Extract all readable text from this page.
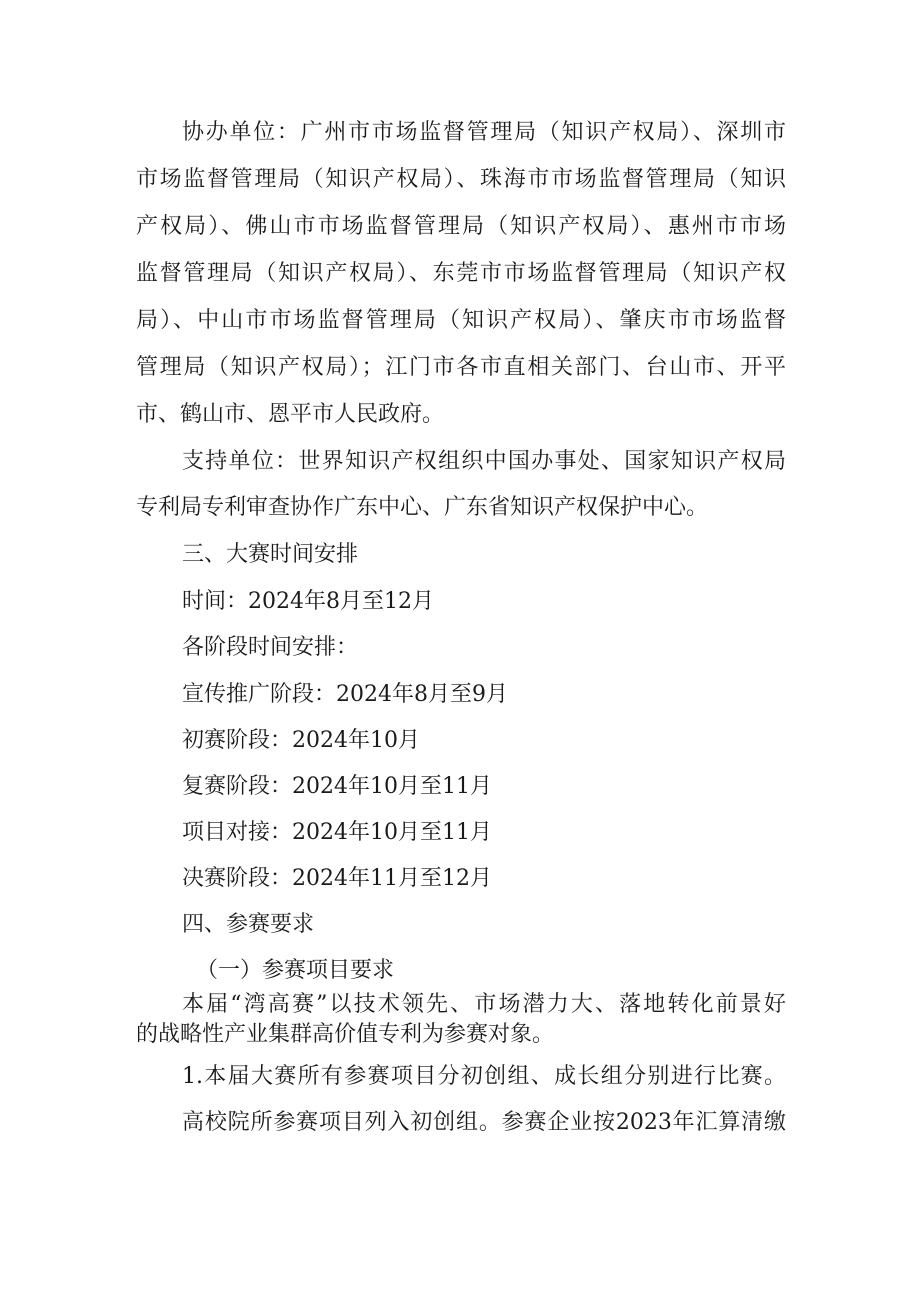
协办单位：广州市市场监督管理局（知识产权局）、深圳市
市场监督管理局（知识产权局）、珠海市市场监督管理局（知识
产权局）、佛山市市场监督管理局（知识产权局）、惠州市市场
监督管理局（知识产权局）、东莞市市场监督管理局（知识产权
局）、中山市市场监督管理局（知识产权局）、肇庆市市场监督
管理局（知识产权局）；江门市各市直相关部门、台山市、开平
市、鹤山市、恩平市人民政府。
支持单位：世界知识产权组织中国办事处、国家知识产权局
专利局专利审查协作广东中心、广东省知识产权保护中心。
三、大赛时间安排
时间：2024年8月至12月
各阶段时间安排：
宣传推广阶段：2024年8月至9月
初赛阶段：2024年10月
复赛阶段：2024年10月至11月
项目对接：2024年10月至11月
决赛阶段：2024年11月至12月
四、参赛要求
（一）参赛项目要求
本届“湾高赛”以技术领先、市场潜力大、落地转化前景好
的战略性产业集群高价值专利为参赛对象。
1.本届大赛所有参赛项目分初创组、成长组分别进行比赛。
高校院所参赛项目列入初创组。参赛企业按2023年汇算清缴
